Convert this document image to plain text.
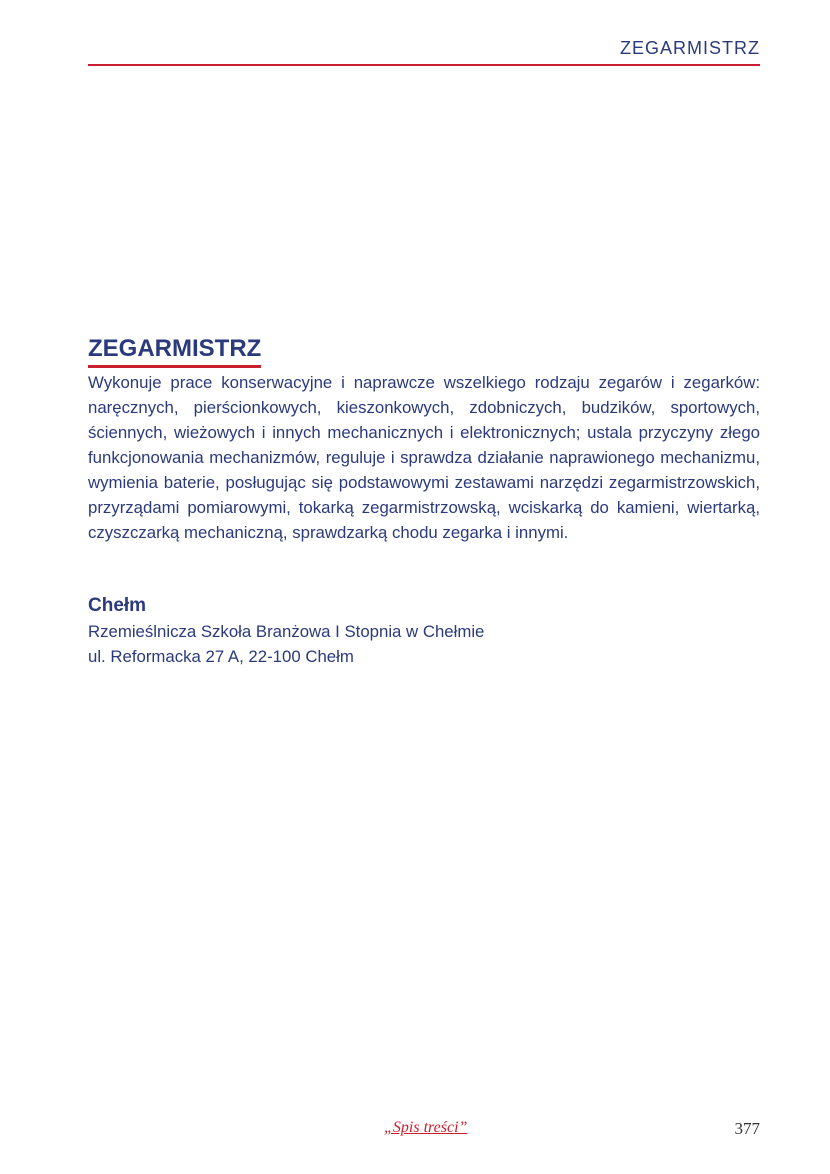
ZEGARMISTRZ
ZEGARMISTRZ

Wykonuje prace konserwacyjne i naprawcze wszelkiego rodzaju zegarów i zegarków: naręcznych, pierścionkowych, kieszonkowych, zdobniczych, budzików, sportowych, ściennych, wieżowych i innych mechanicznych i elektronicznych; ustala przyczyny złego funkcjonowania mechanizmów, reguluje i sprawdza działanie naprawionego mechanizmu, wymienia baterie, posługując się podstawowymi zestawami narzędzi zegarmistrzowskich, przyrządami pomiarowymi, tokarką zegarmistrzowską, wciskarką do kamieni, wiertarką, czyszczarką mechaniczną, sprawdzarką chodu zegarka i innymi.

Chełm
Rzemieślnicza Szkoła Branżowa I Stopnia w Chełmie
ul. Reformacka 27 A, 22-100 Chełm
„Spis treści”	377
